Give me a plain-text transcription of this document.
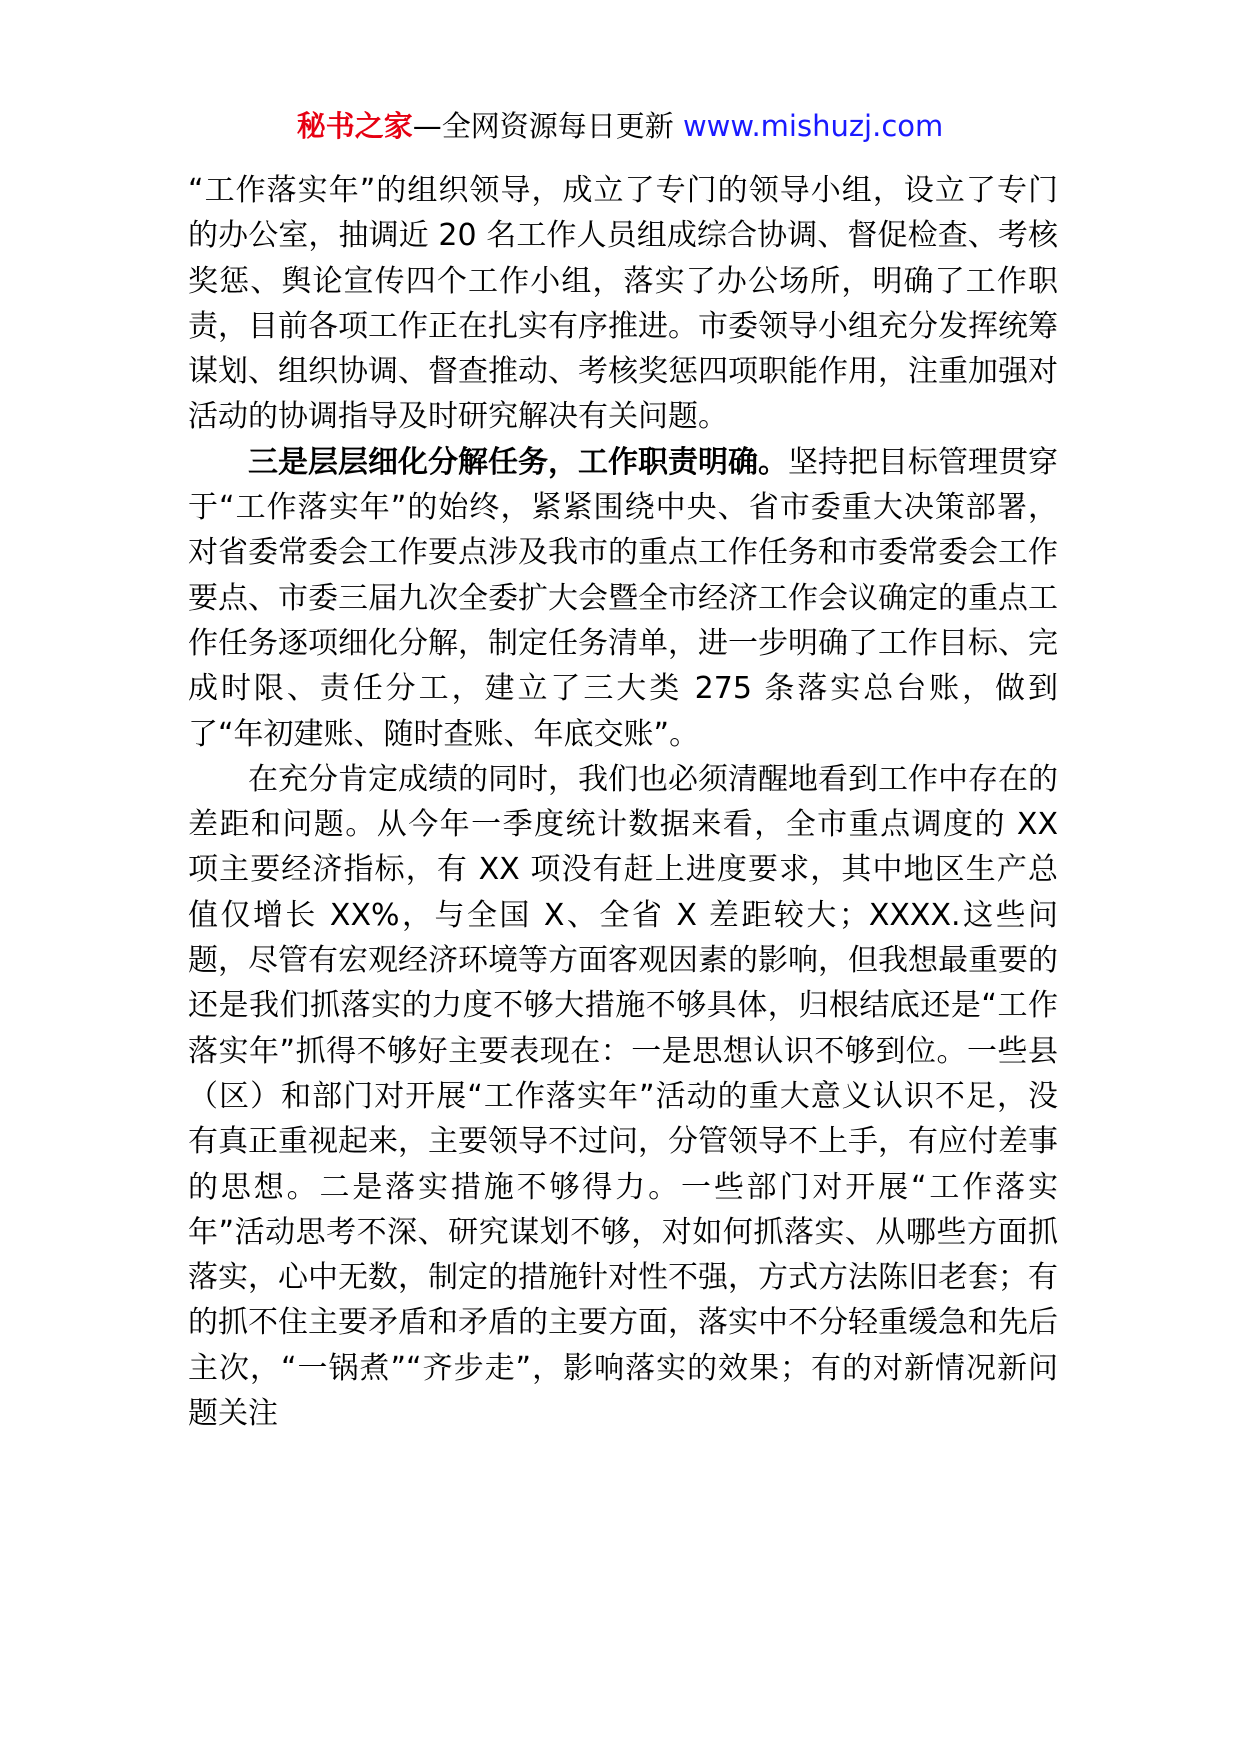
秘书之家—全网资源每日更新 www.mishuzj.com

“工作落实年”的组织领导，成立了专门的领导小组，设立了专门的办公室，抽调近 20 名工作人员组成综合协调、督促检查、考核奖惩、舆论宣传四个工作小组，落实了办公场所，明确了工作职责，目前各项工作正在扎实有序推进。市委领导小组充分发挥统筹谋划、组织协调、督查推动、考核奖惩四项职能作用，注重加强对活动的协调指导及时研究解决有关问题。

三是层层细化分解任务，工作职责明确。坚持把目标管理贯穿于“工作落实年”的始终，紧紧围绕中央、省市委重大决策部署，对省委常委会工作要点涉及我市的重点工作任务和市委常委会工作要点、市委三届九次全委扩大会暨全市经济工作会议确定的重点工作任务逐项细化分解，制定任务清单，进一步明确了工作目标、完成时限、责任分工，建立了三大类 275 条落实总台账，做到了“年初建账、随时查账、年底交账”。

在充分肯定成绩的同时，我们也必须清醒地看到工作中存在的差距和问题。从今年一季度统计数据来看，全市重点调度的 XX 项主要经济指标，有 XX 项没有赶上进度要求，其中地区生产总值仅增长 XX%，与全国 X、全省 X 差距较大；XXXX.这些问题，尽管有宏观经济环境等方面客观因素的影响，但我想最重要的还是我们抓落实的力度不够大措施不够具体，归根结底还是“工作落实年”抓得不够好主要表现在：一是思想认识不够到位。一些县（区）和部门对开展“工作落实年”活动的重大意义认识不足，没有真正重视起来，主要领导不过问，分管领导不上手，有应付差事的思想。二是落实措施不够得力。一些部门对开展“工作落实年”活动思考不深、研究谋划不够，对如何抓落实、从哪些方面抓落实，心中无数，制定的措施针对性不强，方式方法陈旧老套；有的抓不住主要矛盾和矛盾的主要方面，落实中不分轻重缓急和先后主次，“一锅煮”“齐步走”，影响落实的效果；有的对新情况新问题关注
